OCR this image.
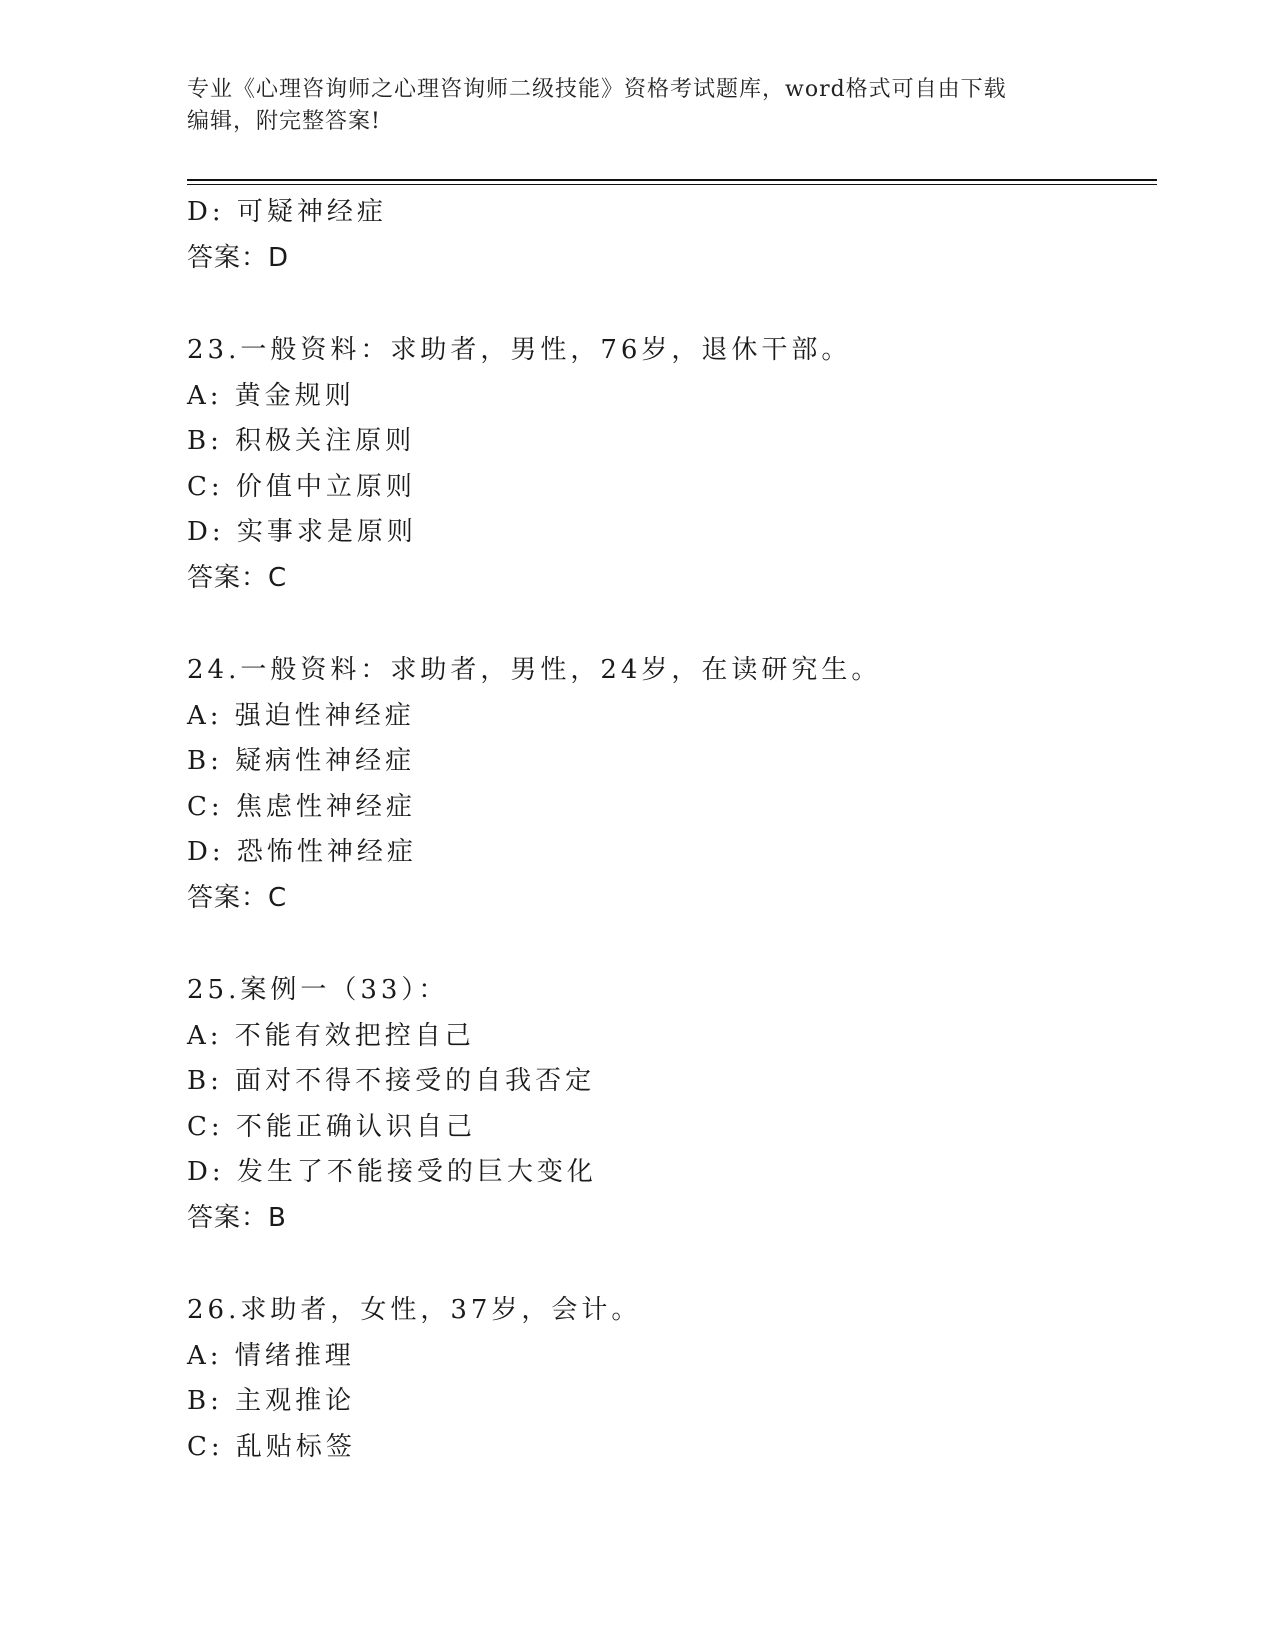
专业《心理咨询师之心理咨询师二级技能》资格考试题库，word格式可自由下载
编辑，附完整答案!
D: 可疑神经症
答案：D
23.一般资料：求助者，男性，76岁，退休干部。
A: 黄金规则
B: 积极关注原则
C: 价值中立原则
D: 实事求是原则
答案：C
24.一般资料：求助者，男性，24岁，在读研究生。
A: 强迫性神经症
B: 疑病性神经症
C: 焦虑性神经症
D: 恐怖性神经症
答案：C
25.案例一（33）：
A: 不能有效把控自己
B: 面对不得不接受的自我否定
C: 不能正确认识自己
D: 发生了不能接受的巨大变化
答案：B
26.求助者，女性，37岁，会计。
A: 情绪推理
B: 主观推论
C: 乱贴标签
